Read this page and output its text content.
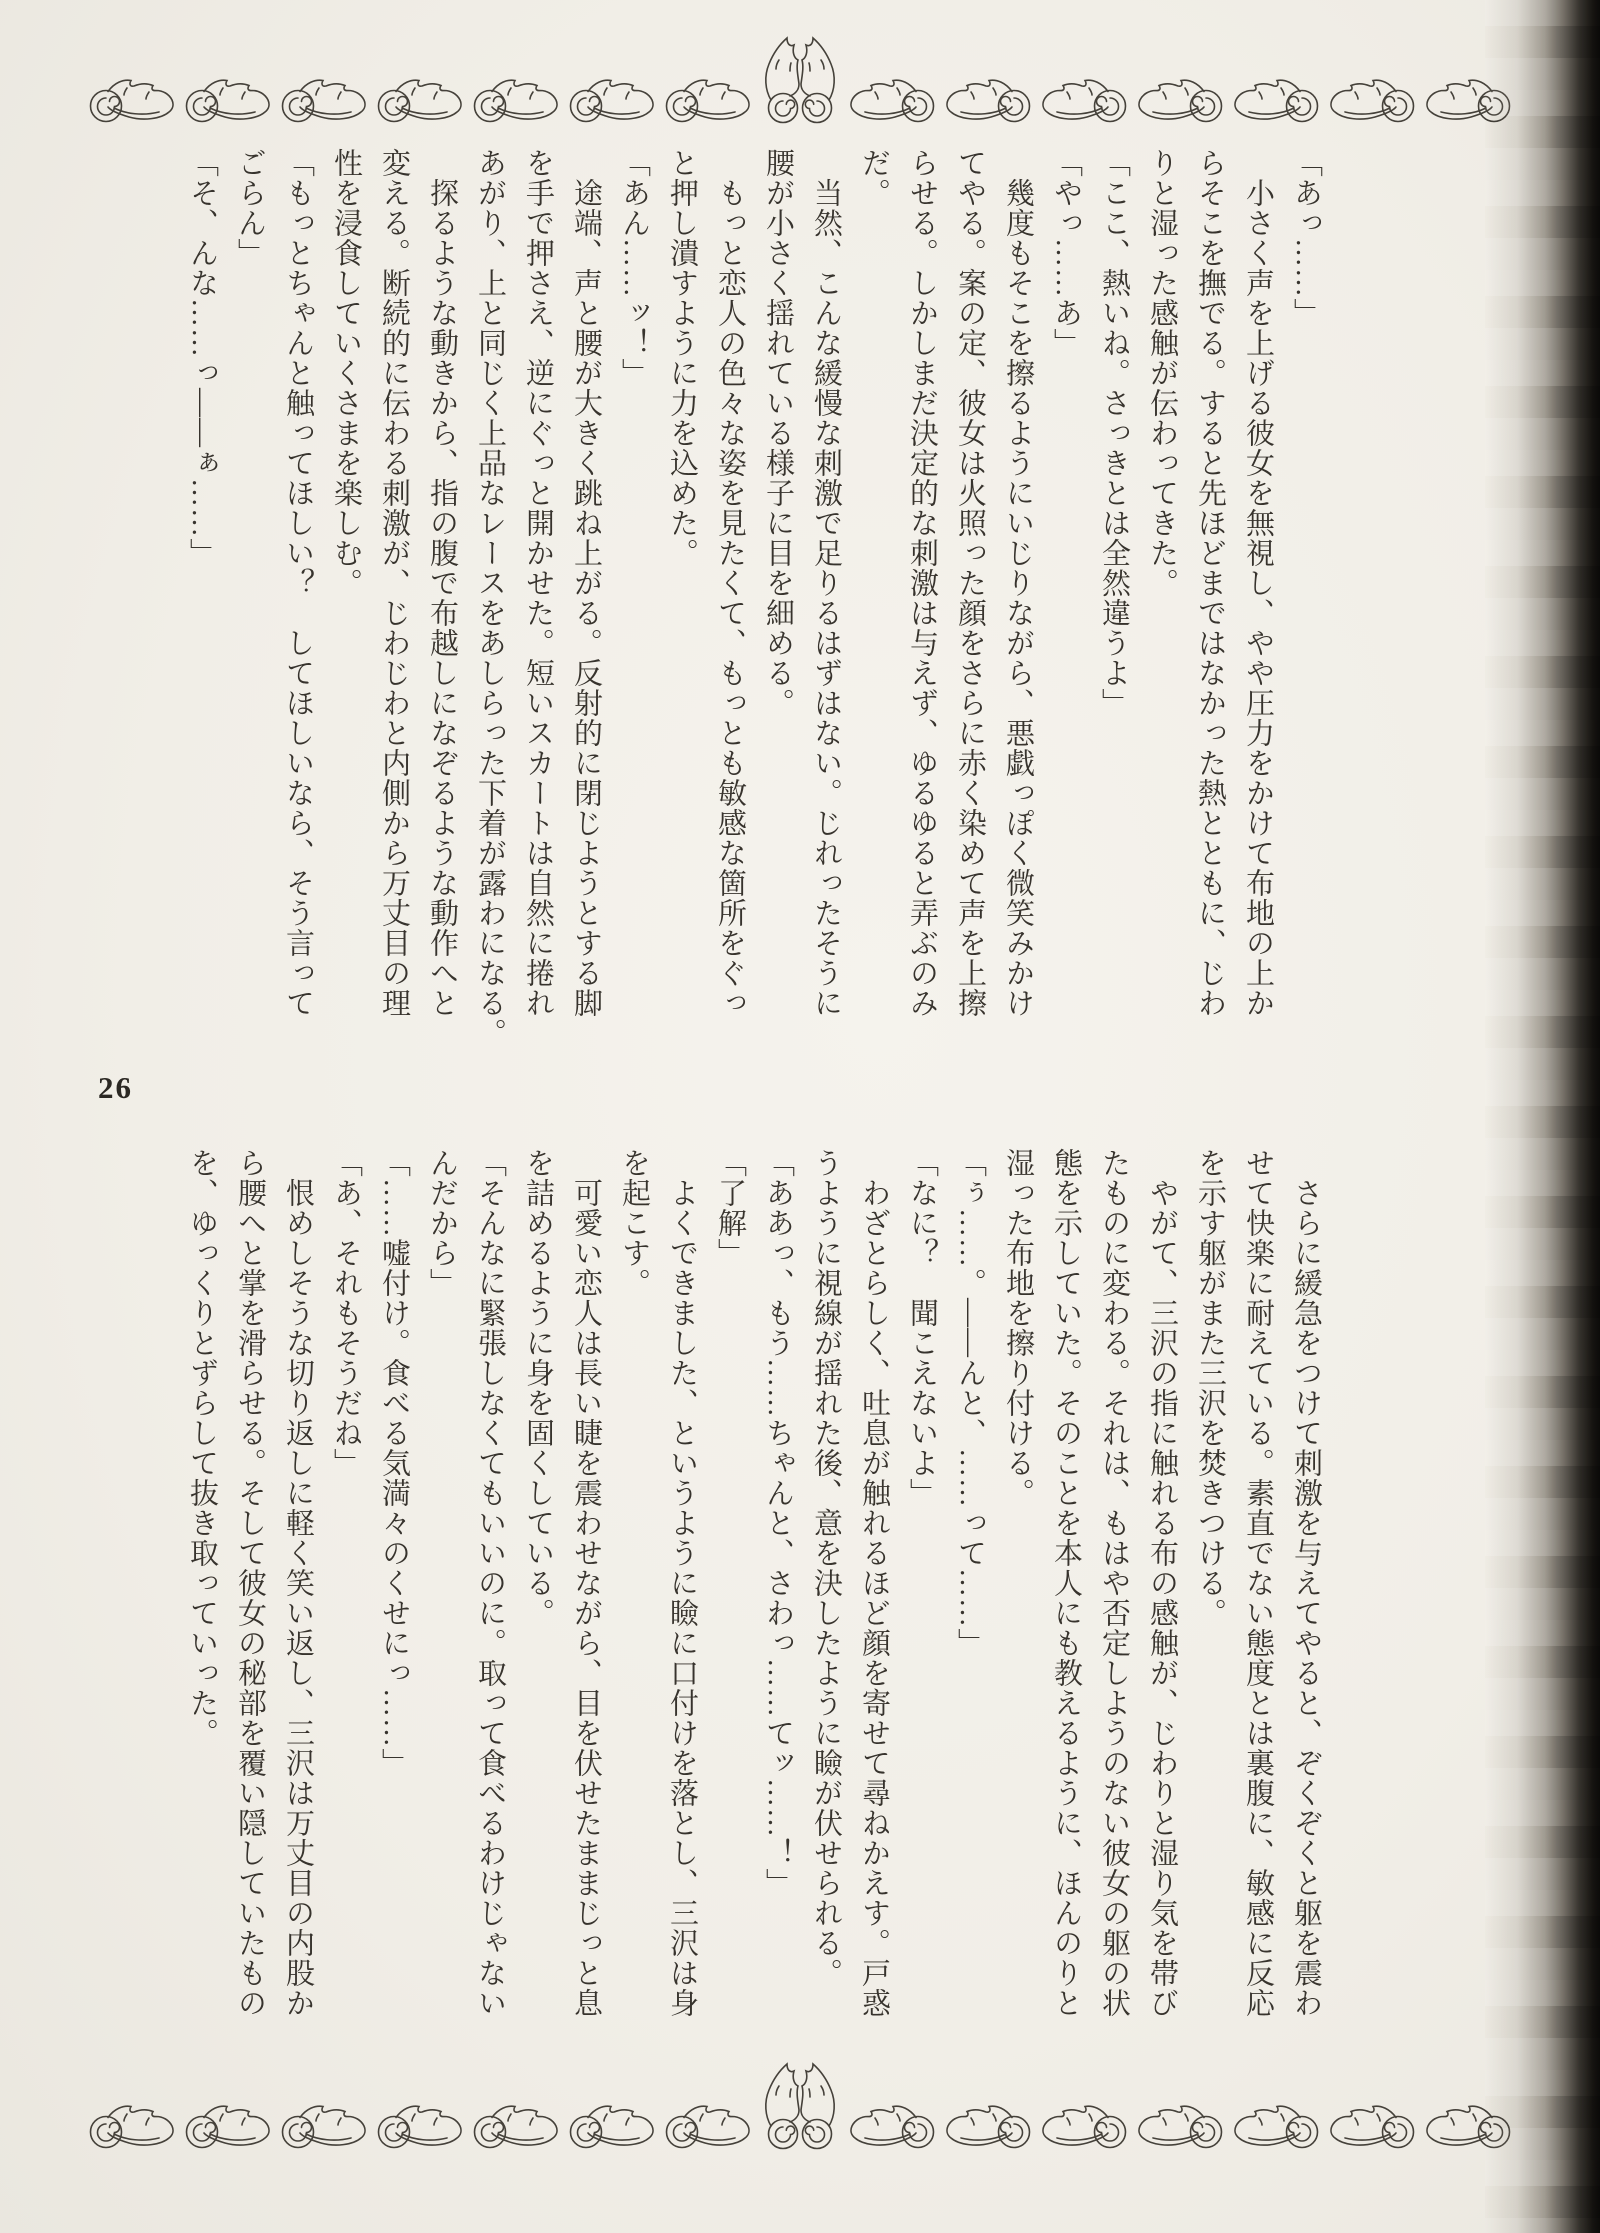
「あっ……」

　小さく声を上げる彼女を無視し、やや圧力をかけて布地の上か

らそこを撫でる。すると先ほどまではなかった熱とともに、じわ

りと湿った感触が伝わってきた。

「ここ、熱いね。さっきとは全然違うよ」

「やっ……あ」

　幾度もそこを擦るようにいじりながら、悪戯っぽく微笑みかけ

てやる。案の定、彼女は火照った顔をさらに赤く染めて声を上擦

らせる。しかしまだ決定的な刺激は与えず、ゆるゆると弄ぶのみ

だ。

　当然、こんな緩慢な刺激で足りるはずはない。じれったそうに

腰が小さく揺れている様子に目を細める。

　もっと恋人の色々な姿を見たくて、もっとも敏感な箇所をぐっ

と押し潰すように力を込めた。

「あん……ッ！」

　途端、声と腰が大きく跳ね上がる。反射的に閉じようとする脚

を手で押さえ、逆にぐっと開かせた。短いスカートは自然に捲れ

あがり、上と同じく上品なレースをあしらった下着が露わになる。

　探るような動きから、指の腹で布越しになぞるような動作へと

変える。断続的に伝わる刺激が、じわじわと内側から万丈目の理

性を浸食していくさまを楽しむ。

「もっとちゃんと触ってほしい？　してほしいなら、そう言って

ごらん」

「そ、んな……っ——ぁ……」

26

　さらに緩急をつけて刺激を与えてやると、ぞくぞくと躯を震わ

せて快楽に耐えている。素直でない態度とは裏腹に、敏感に反応

を示す躯がまた三沢を焚きつける。

　やがて、三沢の指に触れる布の感触が、じわりと湿り気を帯び

たものに変わる。それは、もはや否定しようのない彼女の躯の状

態を示していた。そのことを本人にも教えるように、ほんのりと

湿った布地を擦り付ける。

「ぅ……。——んと、……って……」

「なに？　聞こえないよ」

　わざとらしく、吐息が触れるほど顔を寄せて尋ねかえす。戸惑

うように視線が揺れた後、意を決したように瞼が伏せられる。

「ああっ、もう……ちゃんと、さわっ……てッ……！」

「了解」

　よくできました、というように瞼に口付けを落とし、三沢は身

を起こす。

　可愛い恋人は長い睫を震わせながら、目を伏せたままじっと息

を詰めるように身を固くしている。

「そんなに緊張しなくてもいいのに。取って食べるわけじゃない

んだから」

「……嘘付け。食べる気満々のくせにっ……」

「あ、それもそうだね」

　恨めしそうな切り返しに軽く笑い返し、三沢は万丈目の内股か

ら腰へと掌を滑らせる。そして彼女の秘部を覆い隠していたもの

を、ゆっくりとずらして抜き取っていった。
